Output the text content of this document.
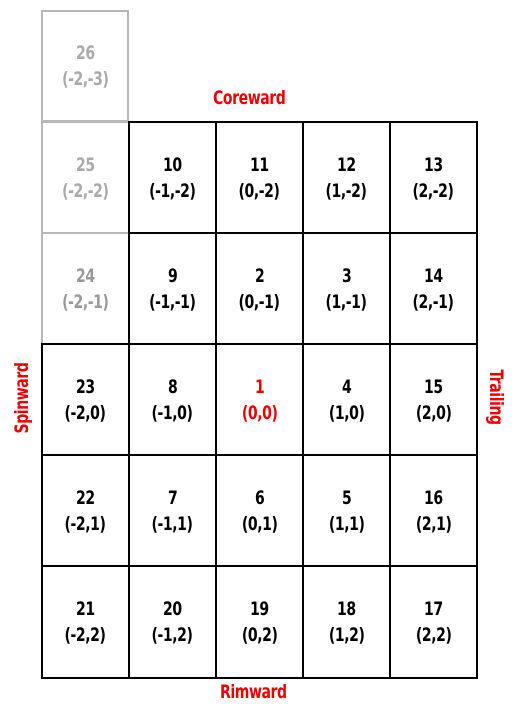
26
(-2,-3)
25
(-2,-2)
10
(-1,-2)
11
(0,-2)
12
(1,-2)
13
(2,-2)
24
(-2,-1)
9
(-1,-1)
2
(0,-1)
3
(1,-1)
14
(2,-1)
23
(-2,0)
8
(-1,0)
1
(0,0)
4
(1,0)
15
(2,0)
22
(-2,1)
7
(-1,1)
6
(0,1)
5
(1,1)
16
(2,1)
21
(-2,2)
20
(-1,2)
19
(0,2)
18
(1,2)
17
(2,2)
Coreward
Rimward
Spinward	Trailing
